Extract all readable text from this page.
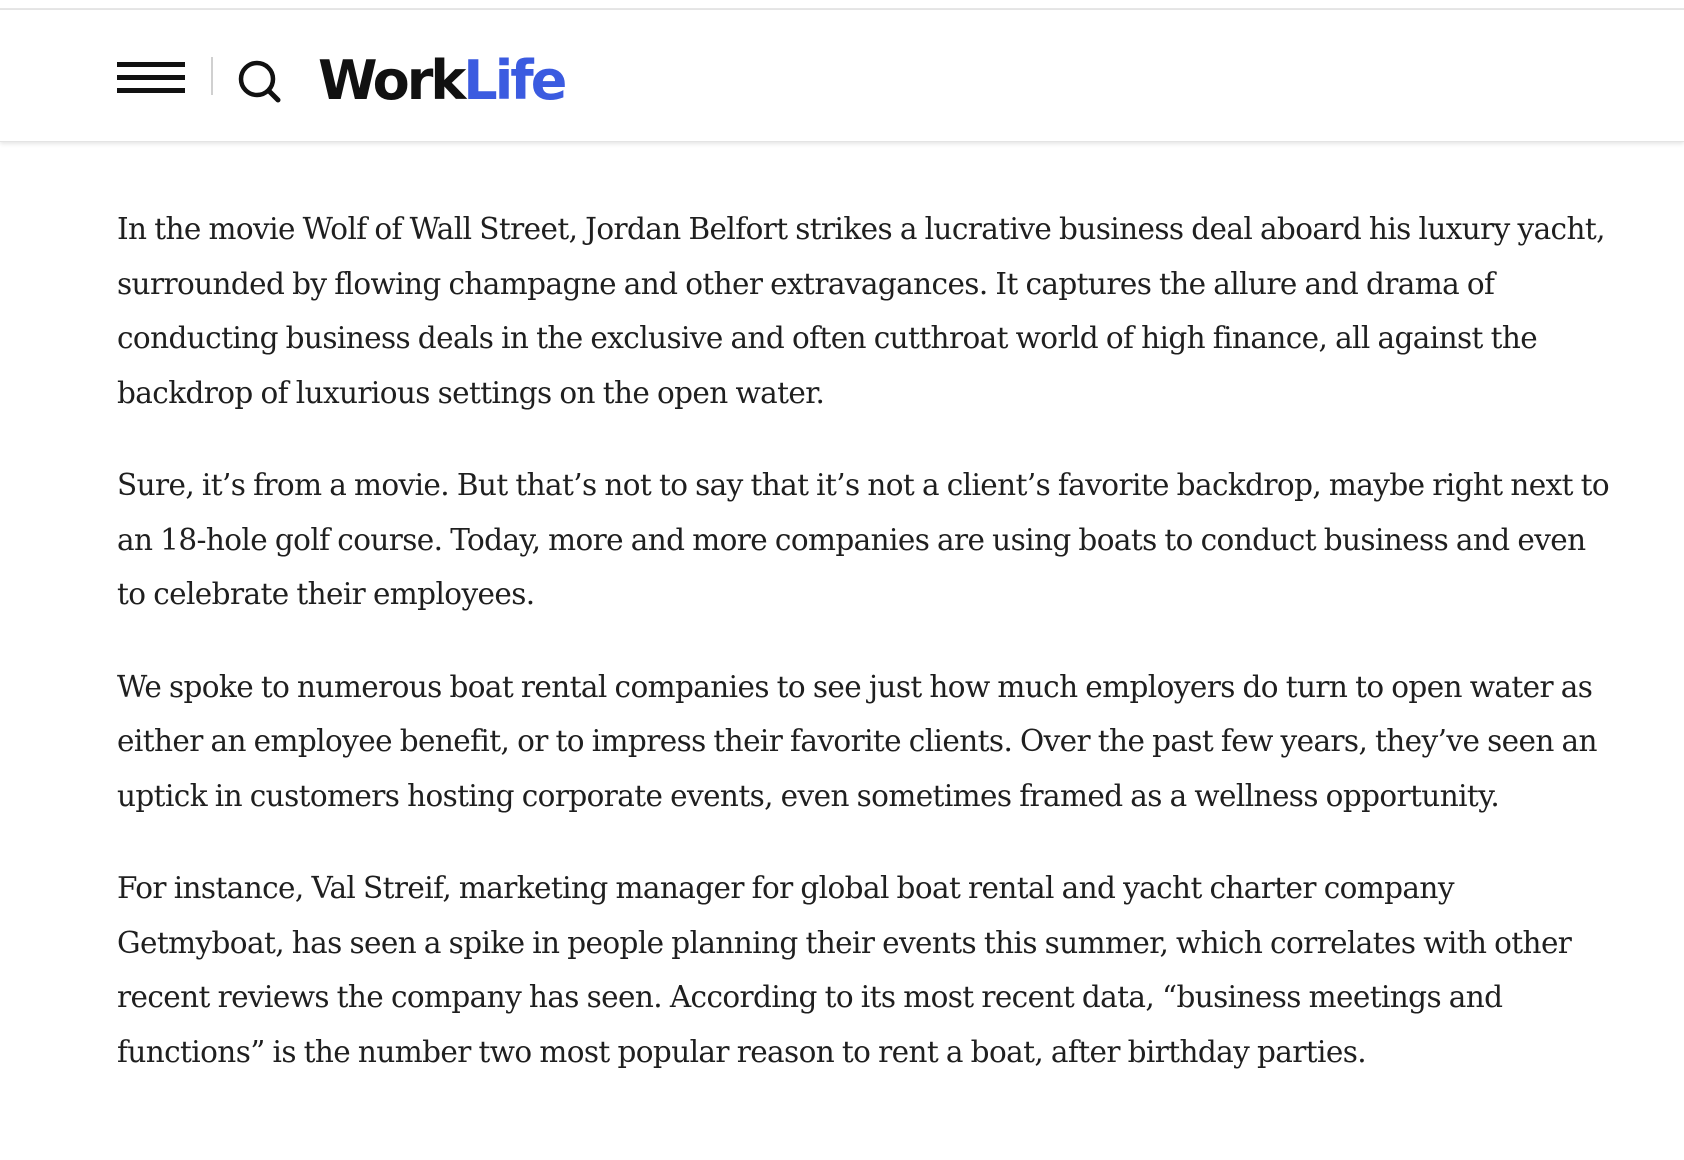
WorkLife

In the movie Wolf of Wall Street, Jordan Belfort strikes a lucrative business deal aboard his luxury yacht, surrounded by flowing champagne and other extravagances. It captures the allure and drama of conducting business deals in the exclusive and often cutthroat world of high finance, all against the backdrop of luxurious settings on the open water.

Sure, it’s from a movie. But that’s not to say that it’s not a client’s favorite backdrop, maybe right next to an 18-hole golf course. Today, more and more companies are using boats to conduct business and even to celebrate their employees.

We spoke to numerous boat rental companies to see just how much employers do turn to open water as either an employee benefit, or to impress their favorite clients. Over the past few years, they’ve seen an uptick in customers hosting corporate events, even sometimes framed as a wellness opportunity.

For instance, Val Streif, marketing manager for global boat rental and yacht charter company Getmyboat, has seen a spike in people planning their events this summer, which correlates with other recent reviews the company has seen. According to its most recent data, “business meetings and functions” is the number two most popular reason to rent a boat, after birthday parties.
